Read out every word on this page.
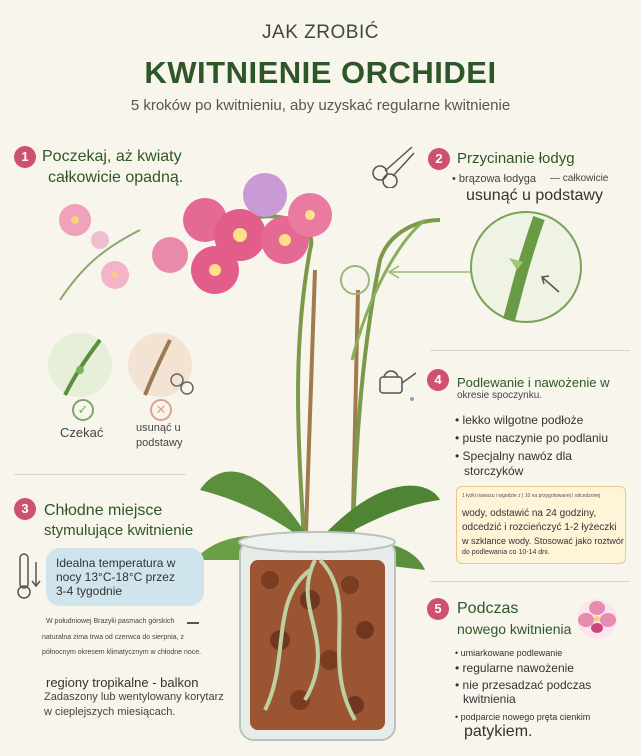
JAK ZROBIĆ
KWITNIENIE ORCHIDEI
5 kroków po kwitnieniu, aby uzyskać regularne kwitnienie
1 Poczekaj, aż kwiaty
całkowicie opadną.
✓	✕
Czekać	usunąć u
podstawy
2 Przycinanie łodyg
• brązowa łodyga — całkowicie
usunąć u podstawy
3 Chłodne miejsce
stymulujące kwitnienie
Idealna temperatura w
nocy 13°C-18°C przez
3-4 tygodnie
W południowej Brazylii pasmach górskich
naturalna zima trwa od czerwca do sierpnia, z
północnym okresem klimatycznym w chłodne noce.
regiony tropikalne - balkon
Zadaszony lub wentylowany korytarz
w cieplejszych miesiącach.
4	Podlewanie i nawożenie w
okresie spoczynku.
• lekko wilgotne podłoże
• puste naczynie po podlaniu
• Specjalny nawóz dla
storczyków
1 łyżki nawozu i wgodzie z | 10 na przygotowanej i odcedzonej
wody, odstawić na 24 godziny,
odcedzić i rozcieńczyć 1-2 łyżeczki
w szklance wody. Stosować jako roztwór
do podlewania co 10-14 dni.
5 Podczas
nowego kwitnienia
• umiarkowane podlewanie
• regularne nawożenie
• nie przesadzać podczas
kwitnienia
• podparcie nowego pręta cienkim
patykiem.
